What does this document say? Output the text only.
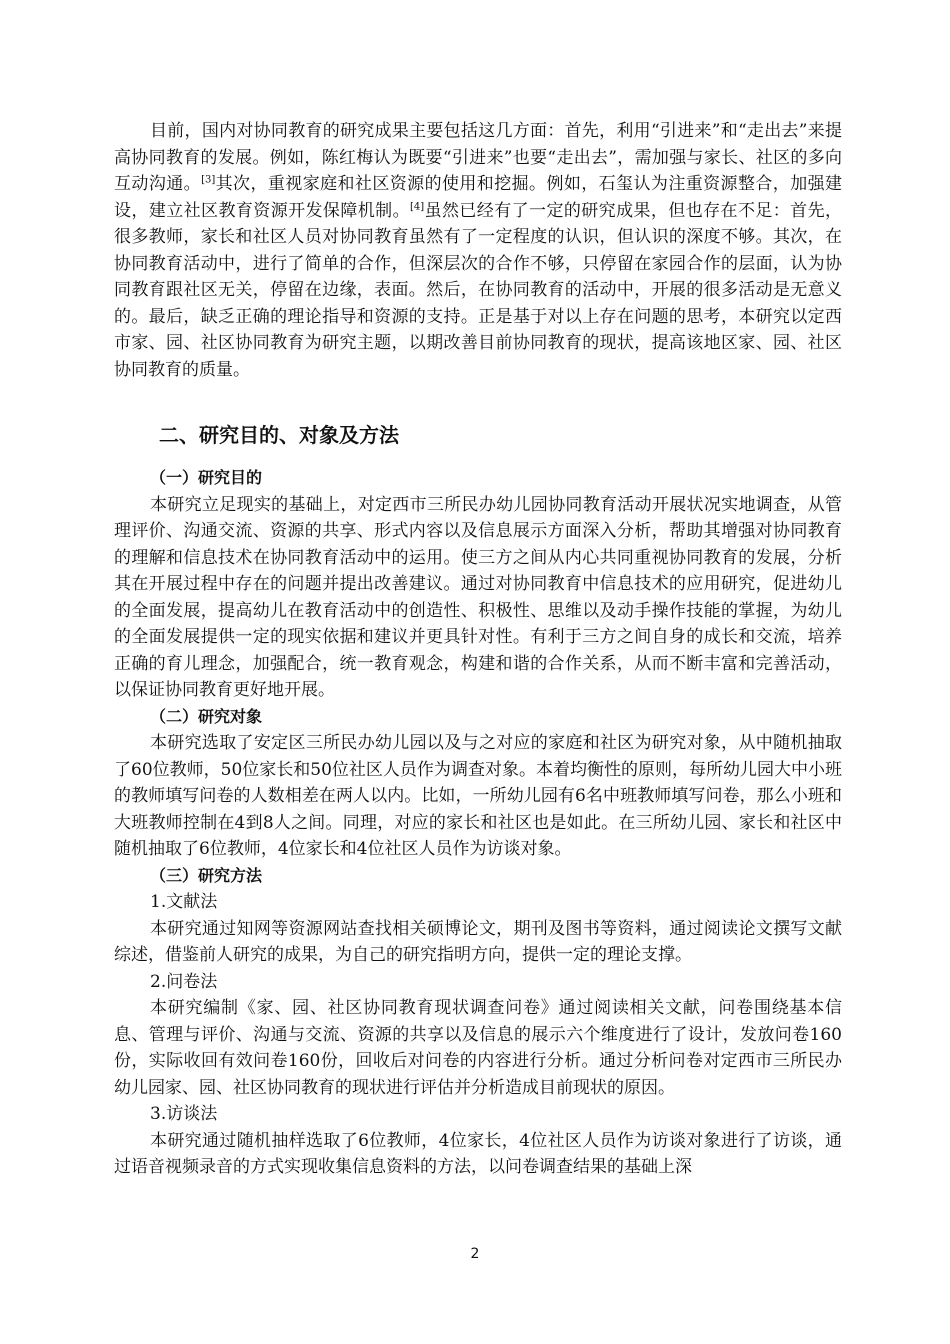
目前，国内对协同教育的研究成果主要包括这几方面：首先，利用“引进来”和“走出去”来提高协同教育的发展。例如，陈红梅认为既要“引进来”也要“走出去”，需加强与家长、社区的多向互动沟通。[3]其次，重视家庭和社区资源的使用和挖掘。例如，石玺认为注重资源整合，加强建设，建立社区教育资源开发保障机制。[4]虽然已经有了一定的研究成果，但也存在不足：首先，很多教师，家长和社区人员对协同教育虽然有了一定程度的认识，但认识的深度不够。其次，在协同教育活动中，进行了简单的合作，但深层次的合作不够，只停留在家园合作的层面，认为协同教育跟社区无关，停留在边缘，表面。然后，在协同教育的活动中，开展的很多活动是无意义的。最后，缺乏正确的理论指导和资源的支持。正是基于对以上存在问题的思考，本研究以定西市家、园、社区协同教育为研究主题，以期改善目前协同教育的现状，提高该地区家、园、社区协同教育的质量。

二、研究目的、对象及方法
（一）研究目的

本研究立足现实的基础上，对定西市三所民办幼儿园协同教育活动开展状况实地调查，从管理评价、沟通交流、资源的共享、形式内容以及信息展示方面深入分析，帮助其增强对协同教育的理解和信息技术在协同教育活动中的运用。使三方之间从内心共同重视协同教育的发展，分析其在开展过程中存在的问题并提出改善建议。通过对协同教育中信息技术的应用研究，促进幼儿的全面发展，提高幼儿在教育活动中的创造性、积极性、思维以及动手操作技能的掌握，为幼儿的全面发展提供一定的现实依据和建议并更具针对性。有利于三方之间自身的成长和交流，培养正确的育儿理念，加强配合，统一教育观念，构建和谐的合作关系，从而不断丰富和完善活动，以保证协同教育更好地开展。

（二）研究对象

本研究选取了安定区三所民办幼儿园以及与之对应的家庭和社区为研究对象，从中随机抽取了60位教师，50位家长和50位社区人员作为调查对象。本着均衡性的原则，每所幼儿园大中小班的教师填写问卷的人数相差在两人以内。比如，一所幼儿园有6名中班教师填写问卷，那么小班和大班教师控制在4到8人之间。同理，对应的家长和社区也是如此。在三所幼儿园、家长和社区中随机抽取了6位教师，4位家长和4位社区人员作为访谈对象。

（三）研究方法
1.文献法

本研究通过知网等资源网站查找相关硕博论文，期刊及图书等资料，通过阅读论文撰写文献综述，借鉴前人研究的成果，为自己的研究指明方向，提供一定的理论支撑。

2.问卷法

本研究编制《家、园、社区协同教育现状调查问卷》通过阅读相关文献，问卷围绕基本信息、管理与评价、沟通与交流、资源的共享以及信息的展示六个维度进行了设计，发放问卷160份，实际收回有效问卷160份，回收后对问卷的内容进行分析。通过分析问卷对定西市三所民办幼儿园家、园、社区协同教育的现状进行评估并分析造成目前现状的原因。

3.访谈法

本研究通过随机抽样选取了6位教师，4位家长，4位社区人员作为访谈对象进行了访谈，通过语音视频录音的方式实现收集信息资料的方法，以问卷调查结果的基础上深

2
